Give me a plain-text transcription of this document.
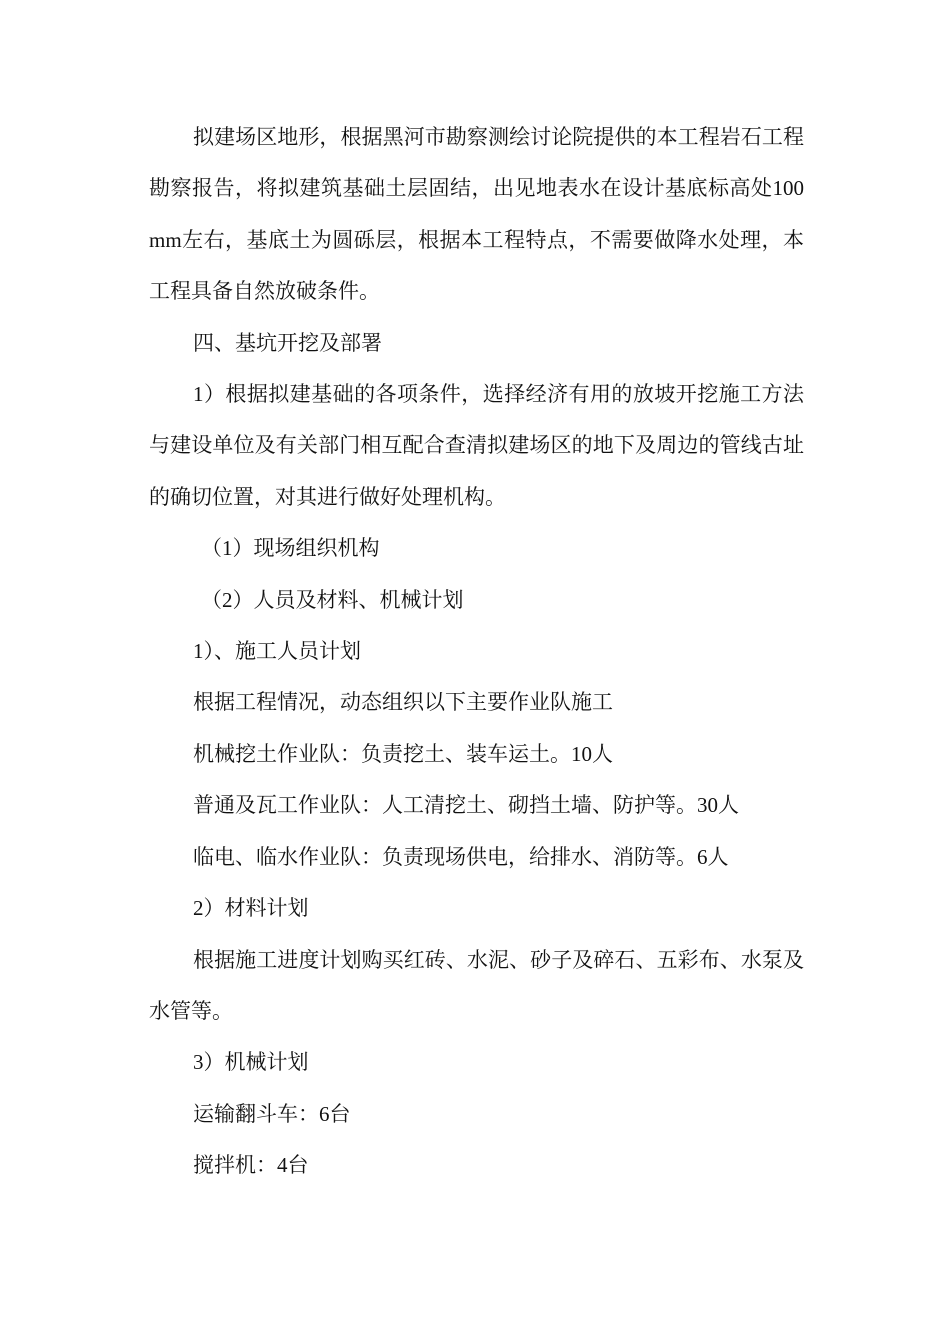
拟建场区地形，根据黑河市勘察测绘讨论院提供的本工程岩石工程勘察报告，将拟建筑基础土层固结，出见地表水在设计基底标高处100mm左右，基底土为圆砾层，根据本工程特点，不需要做降水处理，本工程具备自然放破条件。

四、基坑开挖及部署

1）根据拟建基础的各项条件，选择经济有用的放坡开挖施工方法与建设单位及有关部门相互配合查清拟建场区的地下及周边的管线古址的确切位置，对其进行做好处理机构。

（1）现场组织机构

（2）人员及材料、机械计划

1）、施工人员计划

根据工程情况，动态组织以下主要作业队施工

机械挖土作业队：负责挖土、装车运土。10人

普通及瓦工作业队：人工清挖土、砌挡土墙、防护等。30人

临电、临水作业队：负责现场供电，给排水、消防等。6人

2）材料计划

根据施工进度计划购买红砖、水泥、砂子及碎石、五彩布、水泵及水管等。

3）机械计划

运输翻斗车：6台

搅拌机：4台
